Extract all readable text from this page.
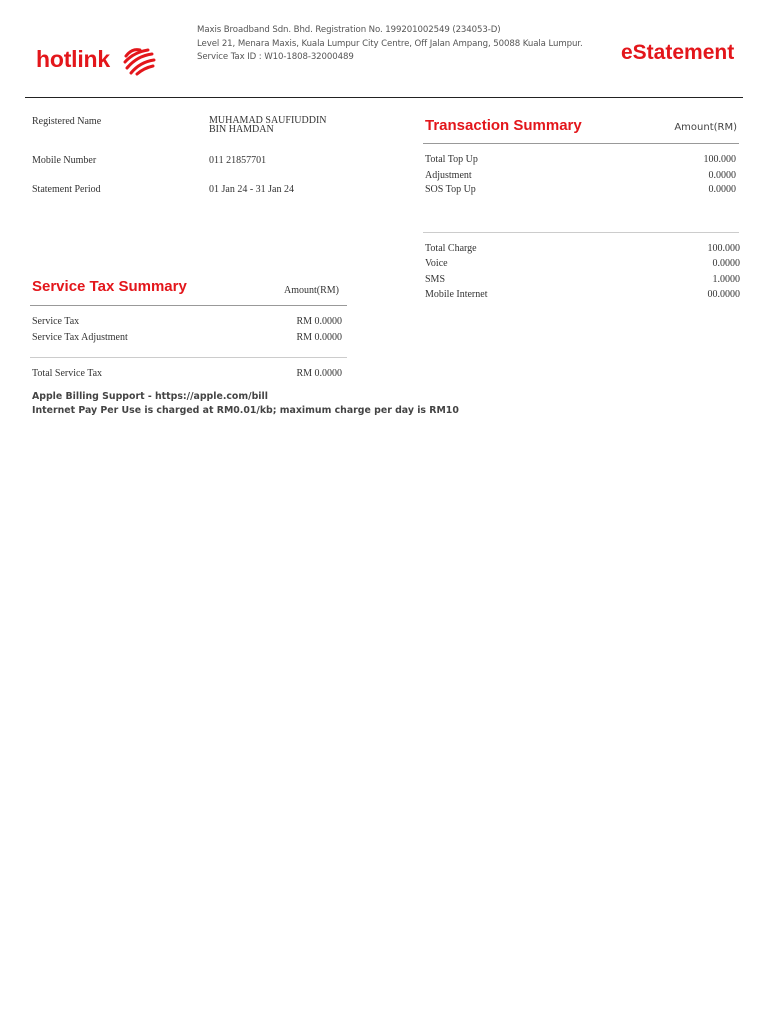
hotlink
Maxis Broadband Sdn. Bhd. Registration No. 199201002549 (234053-D)
Level 21, Menara Maxis, Kuala Lumpur City Centre, Off Jalan Ampang, 50088 Kuala Lumpur.
Service Tax ID : W10-1808-32000489	eStatement
Registered Name	MUHAMAD SAUFIUDDIN
BIN HAMDAN
Mobile Number	011 21857701
Statement Period	01 Jan 24 - 31 Jan 24
Transaction Summary	Amount(RM)
Total Top Up	100.000
Adjustment	0.0000
SOS Top Up	0.0000
Total Charge	100.000
Voice	0.0000
SMS	1.0000
Mobile Internet	00.0000
Service Tax Summary	Amount(RM)
Service Tax	RM 0.0000
Service Tax Adjustment	RM 0.0000
Total Service Tax	RM 0.0000
Apple Billing Support - https://apple.com/bill
Internet Pay Per Use is charged at RM0.01/kb; maximum charge per day is RM10
